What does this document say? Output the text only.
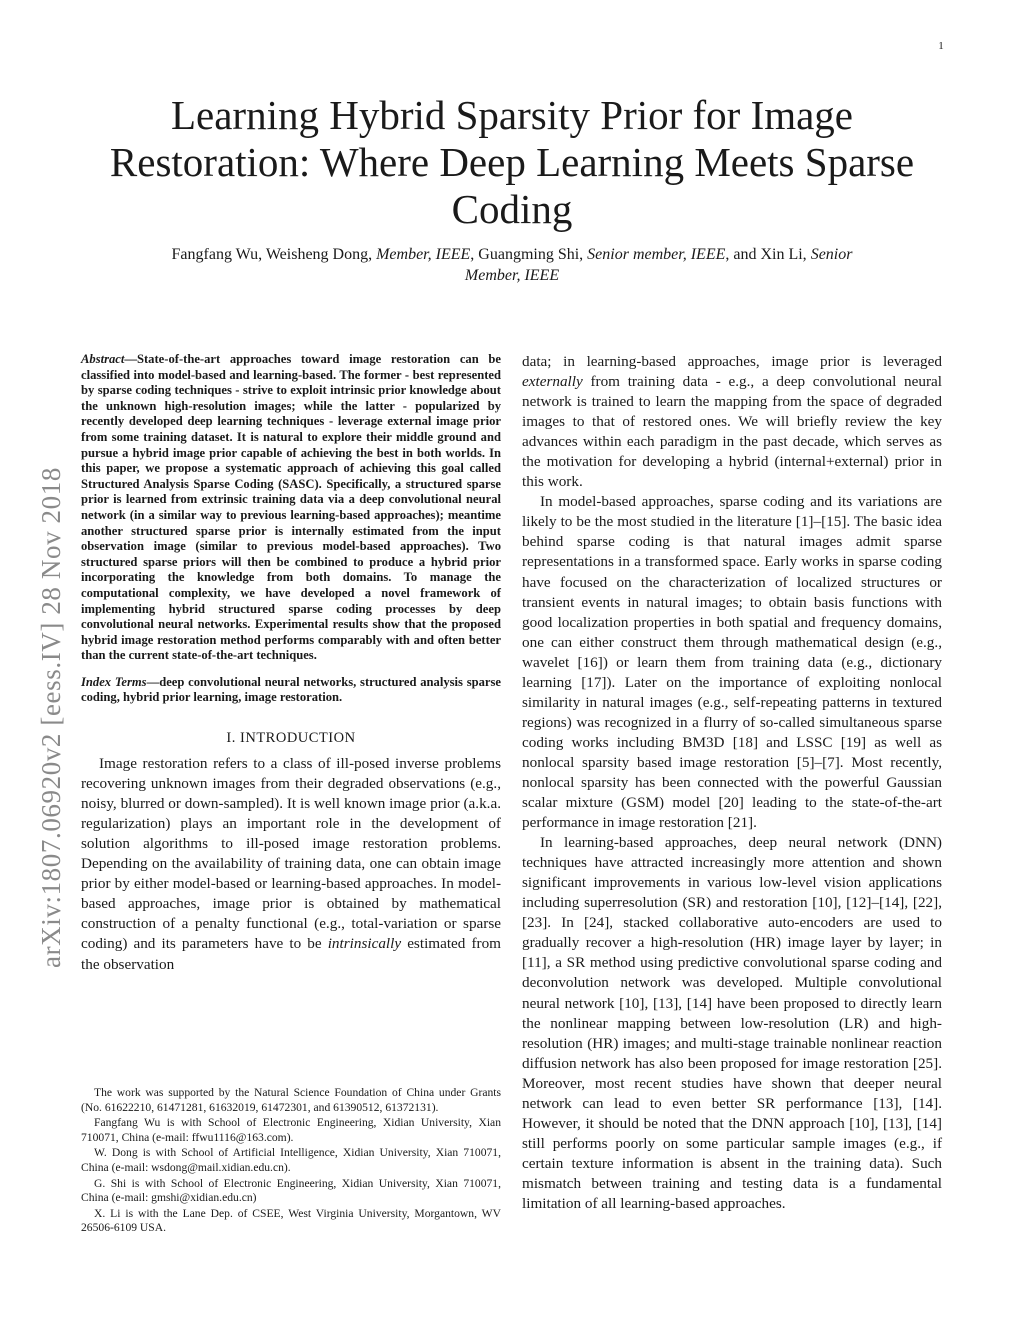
1
Learning Hybrid Sparsity Prior for Image
Restoration: Where Deep Learning Meets Sparse
Coding
Fangfang Wu, Weisheng Dong, Member, IEEE, Guangming Shi, Senior member, IEEE, and Xin Li, Senior
Member, IEEE
arXiv:1807.06920v2 [eess.IV] 28 Nov 2018

Abstract—State-of-the-art approaches toward image restoration can be classified into model-based and learning-based. The former - best represented by sparse coding techniques - strive to exploit intrinsic prior knowledge about the unknown high-resolution images; while the latter - popularized by recently developed deep learning techniques - leverage external image prior from some training dataset. It is natural to explore their middle ground and pursue a hybrid image prior capable of achieving the best in both worlds. In this paper, we propose a systematic approach of achieving this goal called Structured Analysis Sparse Coding (SASC). Specifically, a structured sparse prior is learned from extrinsic training data via a deep convolutional neural network (in a similar way to previous learning-based approaches); meantime another structured sparse prior is internally estimated from the input observation image (similar to previous model-based approaches). Two structured sparse priors will then be combined to produce a hybrid prior incorporating the knowledge from both domains. To manage the computational complexity, we have developed a novel framework of implementing hybrid structured sparse coding processes by deep convolutional neural networks. Experimental results show that the proposed hybrid image restoration method performs comparably with and often better than the current state-of-the-art techniques.

Index Terms—deep convolutional neural networks, structured analysis sparse coding, hybrid prior learning, image restoration.

I. INTRODUCTION

Image restoration refers to a class of ill-posed inverse problems recovering unknown images from their degraded observations (e.g., noisy, blurred or down-sampled). It is well known image prior (a.k.a. regularization) plays an important role in the development of solution algorithms to ill-posed image restoration problems. Depending on the availability of training data, one can obtain image prior by either model-based or learning-based approaches. In model-based approaches, image prior is obtained by mathematical construction of a penalty functional (e.g., total-variation or sparse coding) and its parameters have to be intrinsically estimated from the observation

The work was supported by the Natural Science Foundation of China under Grants (No. 61622210, 61471281, 61632019, 61472301, and 61390512, 61372131).

Fangfang Wu is with School of Electronic Engineering, Xidian University, Xian 710071, China (e-mail: ffwu1116@163.com).

W. Dong is with School of Artificial Intelligence, Xidian University, Xian 710071, China (e-mail: wsdong@mail.xidian.edu.cn).

G. Shi is with School of Electronic Engineering, Xidian University, Xian 710071, China (e-mail: gmshi@xidian.edu.cn)

X. Li is with the Lane Dep. of CSEE, West Virginia University, Morgantown, WV 26506-6109 USA.

data; in learning-based approaches, image prior is leveraged externally from training data - e.g., a deep convolutional neural network is trained to learn the mapping from the space of degraded images to that of restored ones. We will briefly review the key advances within each paradigm in the past decade, which serves as the motivation for developing a hybrid (internal+external) prior in this work.

In model-based approaches, sparse coding and its variations are likely to be the most studied in the literature [1]–[15]. The basic idea behind sparse coding is that natural images admit sparse representations in a transformed space. Early works in sparse coding have focused on the characterization of localized structures or transient events in natural images; to obtain basis functions with good localization properties in both spatial and frequency domains, one can either construct them through mathematical design (e.g., wavelet [16]) or learn them from training data (e.g., dictionary learning [17]). Later on the importance of exploiting nonlocal similarity in natural images (e.g., self-repeating patterns in textured regions) was recognized in a flurry of so-called simultaneous sparse coding works including BM3D [18] and LSSC [19] as well as nonlocal sparsity based image restoration [5]–[7]. Most recently, nonlocal sparsity has been connected with the powerful Gaussian scalar mixture (GSM) model [20] leading to the state-of-the-art performance in image restoration [21].

In learning-based approaches, deep neural network (DNN) techniques have attracted increasingly more attention and shown significant improvements in various low-level vision applications including superresolution (SR) and restoration [10], [12]–[14], [22], [23]. In [24], stacked collaborative auto-encoders are used to gradually recover a high-resolution (HR) image layer by layer; in [11], a SR method using predictive convolutional sparse coding and deconvolution network was developed. Multiple convolutional neural network [10], [13], [14] have been proposed to directly learn the nonlinear mapping between low-resolution (LR) and high-resolution (HR) images; and multi-stage trainable nonlinear reaction diffusion network has also been proposed for image restoration [25]. Moreover, most recent studies have shown that deeper neural network can lead to even better SR performance [13], [14]. However, it should be noted that the DNN approach [10], [13], [14] still performs poorly on some particular sample images (e.g., if certain texture information is absent in the training data). Such mismatch between training and testing data is a fundamental limitation of all learning-based approaches.
